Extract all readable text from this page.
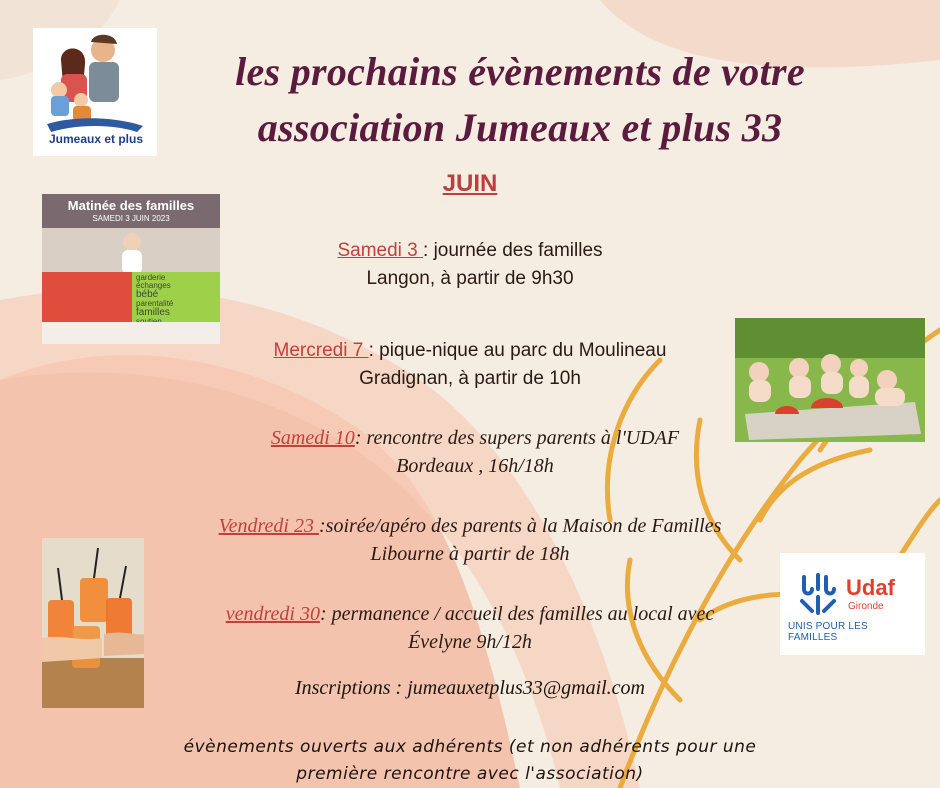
Jumeaux et plus
les prochains évènements de votre
association Jumeaux et plus 33
JUIN
Matinée des familles
SAMEDI 3 JUIN 2023
garderie
échanges
bébé
parentalité
familles
Udaf
Gironde
UNIS POUR LES FAMILLES
Samedi 3 : journée des familles
Langon, à partir de 9h30
Mercredi 7 : pique-nique au parc du Moulineau
Gradignan, à partir de 10h
Samedi 10: rencontre des supers parents à l'UDAF
Bordeaux , 16h/18h
Vendredi 23 :soirée/apéro des parents à la Maison de Familles
Libourne à partir de 18h
vendredi 30: permanence / accueil des familles au local avec
Évelyne 9h/12h
Inscriptions : jumeauxetplus33@gmail.com
évènements ouverts aux adhérents (et non adhérents pour une
première rencontre avec l'association)
